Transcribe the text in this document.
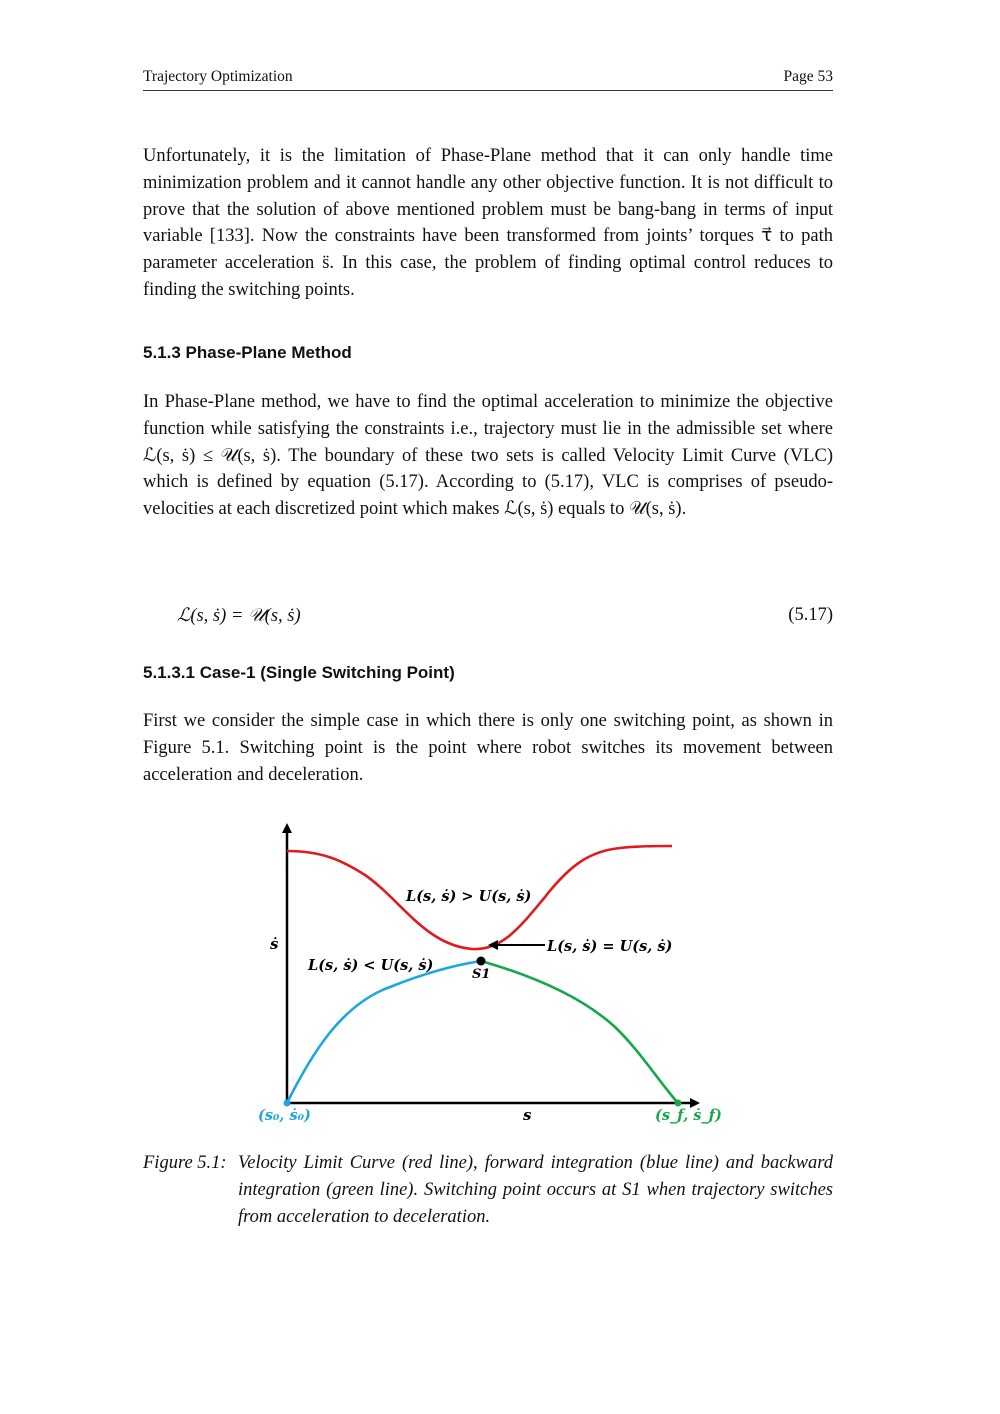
Trajectory Optimization	Page 53

Unfortunately, it is the limitation of Phase-Plane method that it can only handle time minimization problem and it cannot handle any other objective function. It is not difficult to prove that the solution of above mentioned problem must be bang-bang in terms of input variable [133]. Now the constraints have been transformed from joints’ torques τ⃗ to path parameter acceleration s̈. In this case, the problem of finding optimal control reduces to finding the switching points.

5.1.3 Phase-Plane Method

In Phase-Plane method, we have to find the optimal acceleration to minimize the objective function while satisfying the constraints i.e., trajectory must lie in the admissible set where ℒ(s, ṡ) ≤ 𝒰(s, ṡ). The boundary of these two sets is called Velocity Limit Curve (VLC) which is defined by equation (5.17). According to (5.17), VLC is comprises of pseudo-velocities at each discretized point which makes ℒ(s, ṡ) equals to 𝒰(s, ṡ).

ℒ(s, ṡ) = 𝒰(s, ṡ)	(5.17)
5.1.3.1 Case-1 (Single Switching Point)

First we consider the simple case in which there is only one switching point, as shown in Figure 5.1. Switching point is the point where robot switches its movement between acceleration and deceleration.

ṡ
s
L(s, ṡ) > U(s, ṡ)
L(s, ṡ) < U(s, ṡ)
L(s, ṡ) = U(s, ṡ)
S1
(s₀, ṡ₀)	(s_f, ṡ_f)
Figure 5.1: Velocity Limit Curve (red line), forward integration (blue line) and backward integration (green line). Switching point occurs at S1 when trajectory switches from acceleration to deceleration.
